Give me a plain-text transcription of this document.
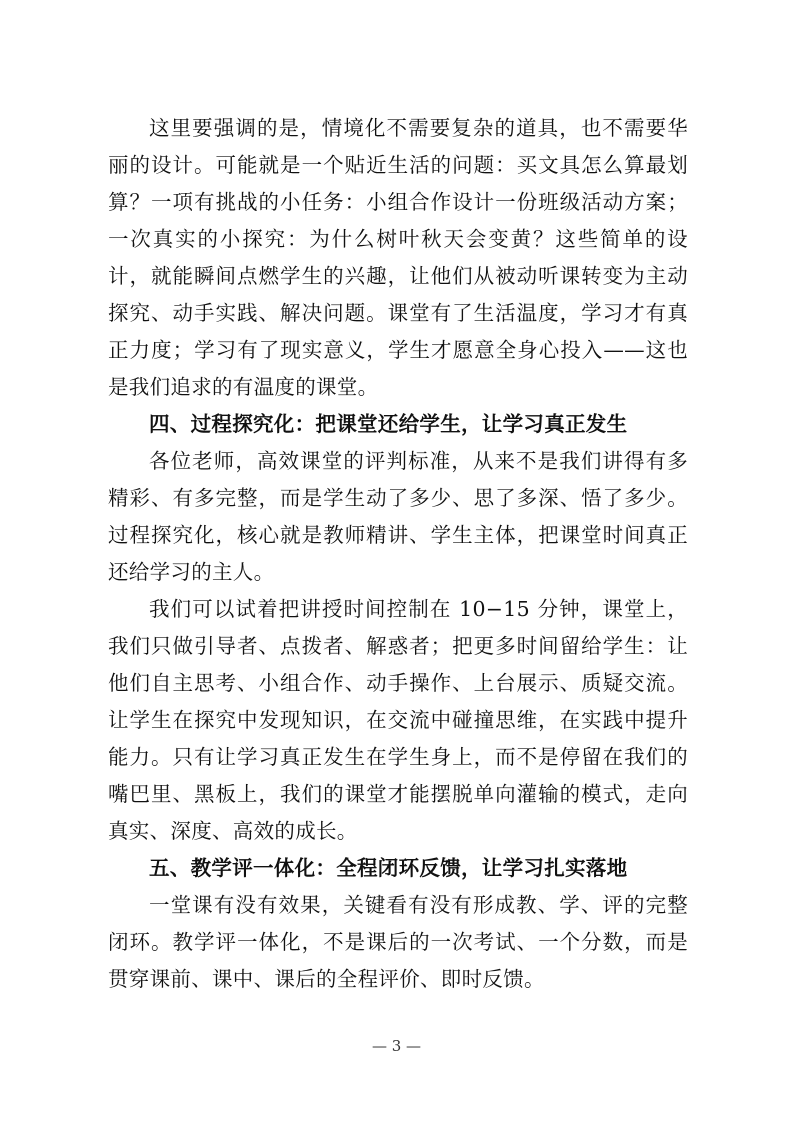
这里要强调的是，情境化不需要复杂的道具，也不需要华丽的设计。可能就是一个贴近生活的问题：买文具怎么算最划算？一项有挑战的小任务：小组合作设计一份班级活动方案；一次真实的小探究：为什么树叶秋天会变黄？这些简单的设计，就能瞬间点燃学生的兴趣，让他们从被动听课转变为主动探究、动手实践、解决问题。课堂有了生活温度，学习才有真正力度；学习有了现实意义，学生才愿意全身心投入——这也是我们追求的有温度的课堂。

四、过程探究化：把课堂还给学生，让学习真正发生

各位老师，高效课堂的评判标准，从来不是我们讲得有多精彩、有多完整，而是学生动了多少、思了多深、悟了多少。过程探究化，核心就是教师精讲、学生主体，把课堂时间真正还给学习的主人。

我们可以试着把讲授时间控制在 10−15 分钟，课堂上，我们只做引导者、点拨者、解惑者；把更多时间留给学生：让他们自主思考、小组合作、动手操作、上台展示、质疑交流。让学生在探究中发现知识，在交流中碰撞思维，在实践中提升能力。只有让学习真正发生在学生身上，而不是停留在我们的嘴巴里、黑板上，我们的课堂才能摆脱单向灌输的模式，走向真实、深度、高效的成长。

五、教学评一体化：全程闭环反馈，让学习扎实落地

一堂课有没有效果，关键看有没有形成教、学、评的完整闭环。教学评一体化，不是课后的一次考试、一个分数，而是贯穿课前、课中、课后的全程评价、即时反馈。

— 3 —
